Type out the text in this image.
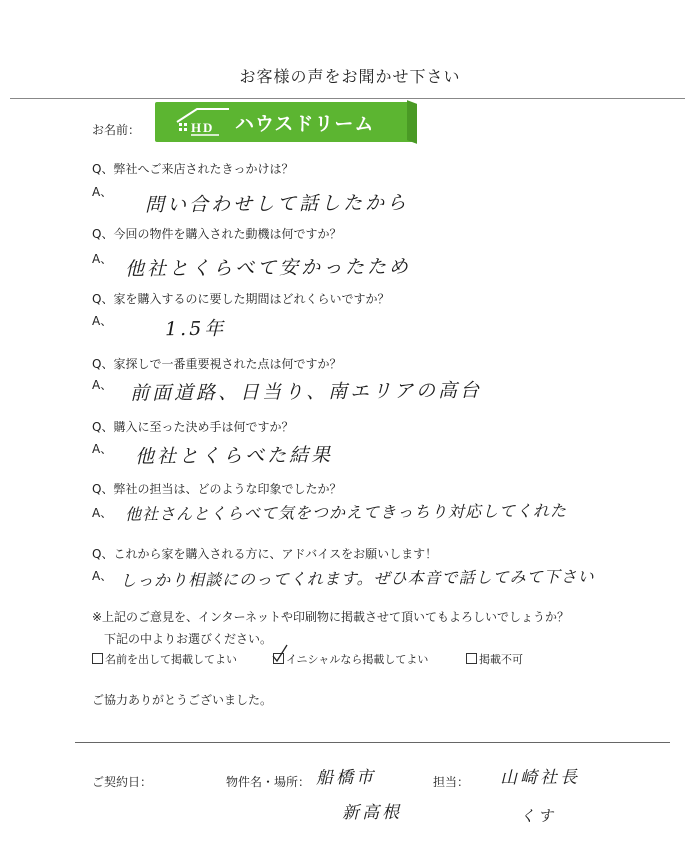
お客様の声をお聞かせ下さい
お名前：	H D ハウスドリーム
Q、弊社へご来店されたきっかけは？
A、 問い合わせして話したから
Q、今回の物件を購入された動機は何ですか？
A、 他社とくらべて安かったため
Q、家を購入するのに要した期間はどれくらいですか？
A、	1.5年
Q、家探しで一番重要視された点は何ですか？
A、 前面道路、日当り、南エリアの高台
Q、購入に至った決め手は何ですか？
A、 他社とくらべた結果
Q、弊社の担当は、どのような印象でしたか？
A、 他社さんとくらべて気をつかえてきっちり対応してくれた
Q、これから家を購入される方に、アドバイスをお願いします！
A、 しっかり相談にのってくれます。ぜひ本音で話してみて下さい
※上記のご意見を、インターネットや印刷物に掲載させて頂いてもよろしいでしょうか？
下記の中よりお選びください。
名前を出して掲載してよい	イニシャルなら掲載してよい	掲載不可
ご協力ありがとうございました。
ご契約日：	物件名・場所： 船橋市
新高根
担当： 山崎社長
くす
